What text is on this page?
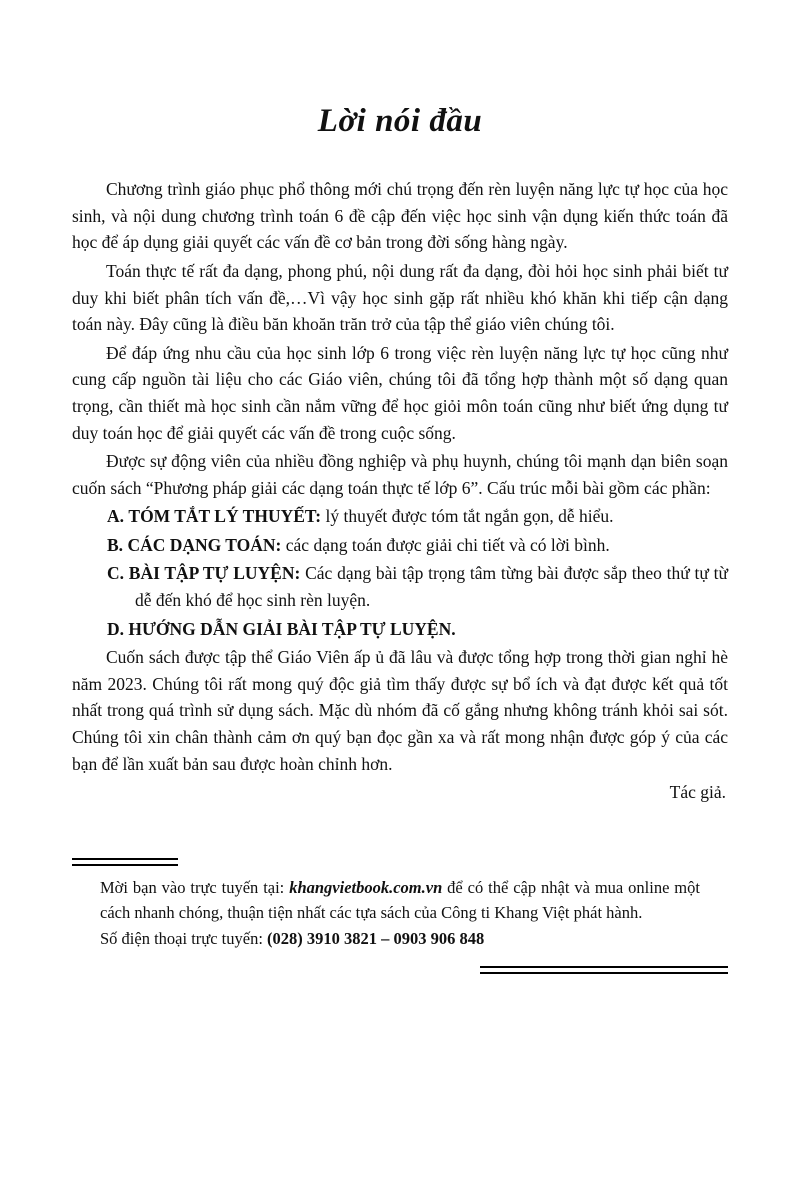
Lời nói đầu

Chương trình giáo phục phổ thông mới chú trọng đến rèn luyện năng lực tự học của học sinh, và nội dung chương trình toán 6 đề cập đến việc học sinh vận dụng kiến thức toán đã học để áp dụng giải quyết các vấn đề cơ bản trong đời sống hàng ngày.

Toán thực tế rất đa dạng, phong phú, nội dung rất đa dạng, đòi hỏi học sinh phải biết tư duy khi biết phân tích vấn đề,…Vì vậy học sinh gặp rất nhiều khó khăn khi tiếp cận dạng toán này. Đây cũng là điều băn khoăn trăn trở của tập thể giáo viên chúng tôi.

Để đáp ứng nhu cầu của học sinh lớp 6 trong việc rèn luyện năng lực tự học cũng như cung cấp nguồn tài liệu cho các Giáo viên, chúng tôi đã tổng hợp thành một số dạng quan trọng, cần thiết mà học sinh cần nắm vững để học giỏi môn toán cũng như biết ứng dụng tư duy toán học để giải quyết các vấn đề trong cuộc sống.

Được sự động viên của nhiều đồng nghiệp và phụ huynh, chúng tôi mạnh dạn biên soạn cuốn sách “Phương pháp giải các dạng toán thực tế lớp 6”. Cấu trúc mỗi bài gồm các phần:

A. TÓM TẮT LÝ THUYẾT: lý thuyết được tóm tắt ngắn gọn, dễ hiểu.
B. CÁC DẠNG TOÁN: các dạng toán được giải chi tiết và có lời bình.
C. BÀI TẬP TỰ LUYỆN: Các dạng bài tập trọng tâm từng bài được sắp theo thứ tự từ dễ đến khó để học sinh rèn luyện.
D. HƯỚNG DẪN GIẢI BÀI TẬP TỰ LUYỆN.

Cuốn sách được tập thể Giáo Viên ấp ủ đã lâu và được tổng hợp trong thời gian nghỉ hè năm 2023. Chúng tôi rất mong quý độc giả tìm thấy được sự bổ ích và đạt được kết quả tốt nhất trong quá trình sử dụng sách. Mặc dù nhóm đã cố gắng nhưng không tránh khỏi sai sót. Chúng tôi xin chân thành cảm ơn quý bạn đọc gần xa và rất mong nhận được góp ý của các bạn để lần xuất bản sau được hoàn chỉnh hơn.

Tác giả.

Mời bạn vào trực tuyến tại: khangvietbook.com.vn để có thể cập nhật và mua online một cách nhanh chóng, thuận tiện nhất các tựa sách của Công ti Khang Việt phát hành.
Số điện thoại trực tuyến: (028) 3910 3821 – 0903 906 848
